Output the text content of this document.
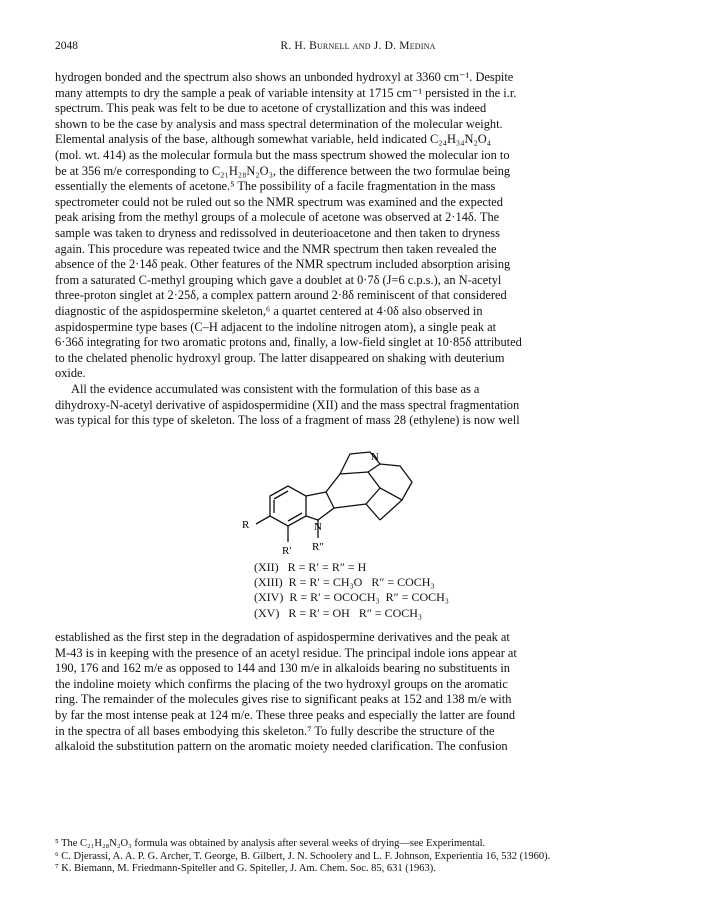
2048	R. H. Burnell and J. D. Medina

hydrogen bonded and the spectrum also shows an unbonded hydroxyl at 3360 cm⁻¹. Despite

many attempts to dry the sample a peak of variable intensity at 1715 cm⁻¹ persisted in the i.r.

spectrum. This peak was felt to be due to acetone of crystallization and this was indeed

shown to be the case by analysis and mass spectral determination of the molecular weight.

Elemental analysis of the base, although somewhat variable, held indicated C₂₄H₃₄N₂O₄

(mol. wt. 414) as the molecular formula but the mass spectrum showed the molecular ion to

be at 356 m/e corresponding to C₂₁H₂₈N₂O₃, the difference between the two formulae being

essentially the elements of acetone.⁵ The possibility of a facile fragmentation in the mass

spectrometer could not be ruled out so the NMR spectrum was examined and the expected

peak arising from the methyl groups of a molecule of acetone was observed at 2·14δ. The

sample was taken to dryness and redissolved in deuterioacetone and then taken to dryness

again. This procedure was repeated twice and the NMR spectrum then taken revealed the

absence of the 2·14δ peak. Other features of the NMR spectrum included absorption arising

from a saturated C-methyl grouping which gave a doublet at 0·7δ (J=6 c.p.s.), an N-acetyl

three-proton singlet at 2·25δ, a complex pattern around 2·8δ reminiscent of that considered

diagnostic of the aspidospermine skeleton,⁶ a quartet centered at 4·0δ also observed in

aspidospermine type bases (C–H adjacent to the indoline nitrogen atom), a single peak at

6·36δ integrating for two aromatic protons and, finally, a low-field singlet at 10·85δ attributed

to the chelated phenolic hydroxyl group. The latter disappeared on shaking with deuterium

oxide.

All the evidence accumulated was consistent with the formulation of this base as a

dihydroxy-N-acetyl derivative of aspidospermidine (XII) and the mass spectral fragmentation

was typical for this type of skeleton. The loss of a fragment of mass 28 (ethylene) is now well

N
N
R
R′ R″
(XII)   R = R′ = R″ = H
(XIII)  R = R′ = CH₃O   R″ = COCH₃
(XIV)  R = R′ = OCOCH₃  R″ = COCH₃
(XV)   R = R′ = OH   R″ = COCH₃

established as the first step in the degradation of aspidospermine derivatives and the peak at

M-43 is in keeping with the presence of an acetyl residue. The principal indole ions appear at

190, 176 and 162 m/e as opposed to 144 and 130 m/e in alkaloids bearing no substituents in

the indoline moiety which confirms the placing of the two hydroxyl groups on the aromatic

ring. The remainder of the molecules gives rise to significant peaks at 152 and 138 m/e with

by far the most intense peak at 124 m/e. These three peaks and especially the latter are found

in the spectra of all bases embodying this skeleton.⁷ To fully describe the structure of the

alkaloid the substitution pattern on the aromatic moiety needed clarification. The confusion

⁵ The C₂₁H₂₈N₂O₃ formula was obtained by analysis after several weeks of drying—see Experimental.

⁶ C. Djerassi, A. A. P. G. Archer, T. George, B. Gilbert, J. N. Schoolery and L. F. Johnson, Experientia 16, 532 (1960).

⁷ K. Biemann, M. Friedmann-Spiteller and G. Spiteller, J. Am. Chem. Soc. 85, 631 (1963).
